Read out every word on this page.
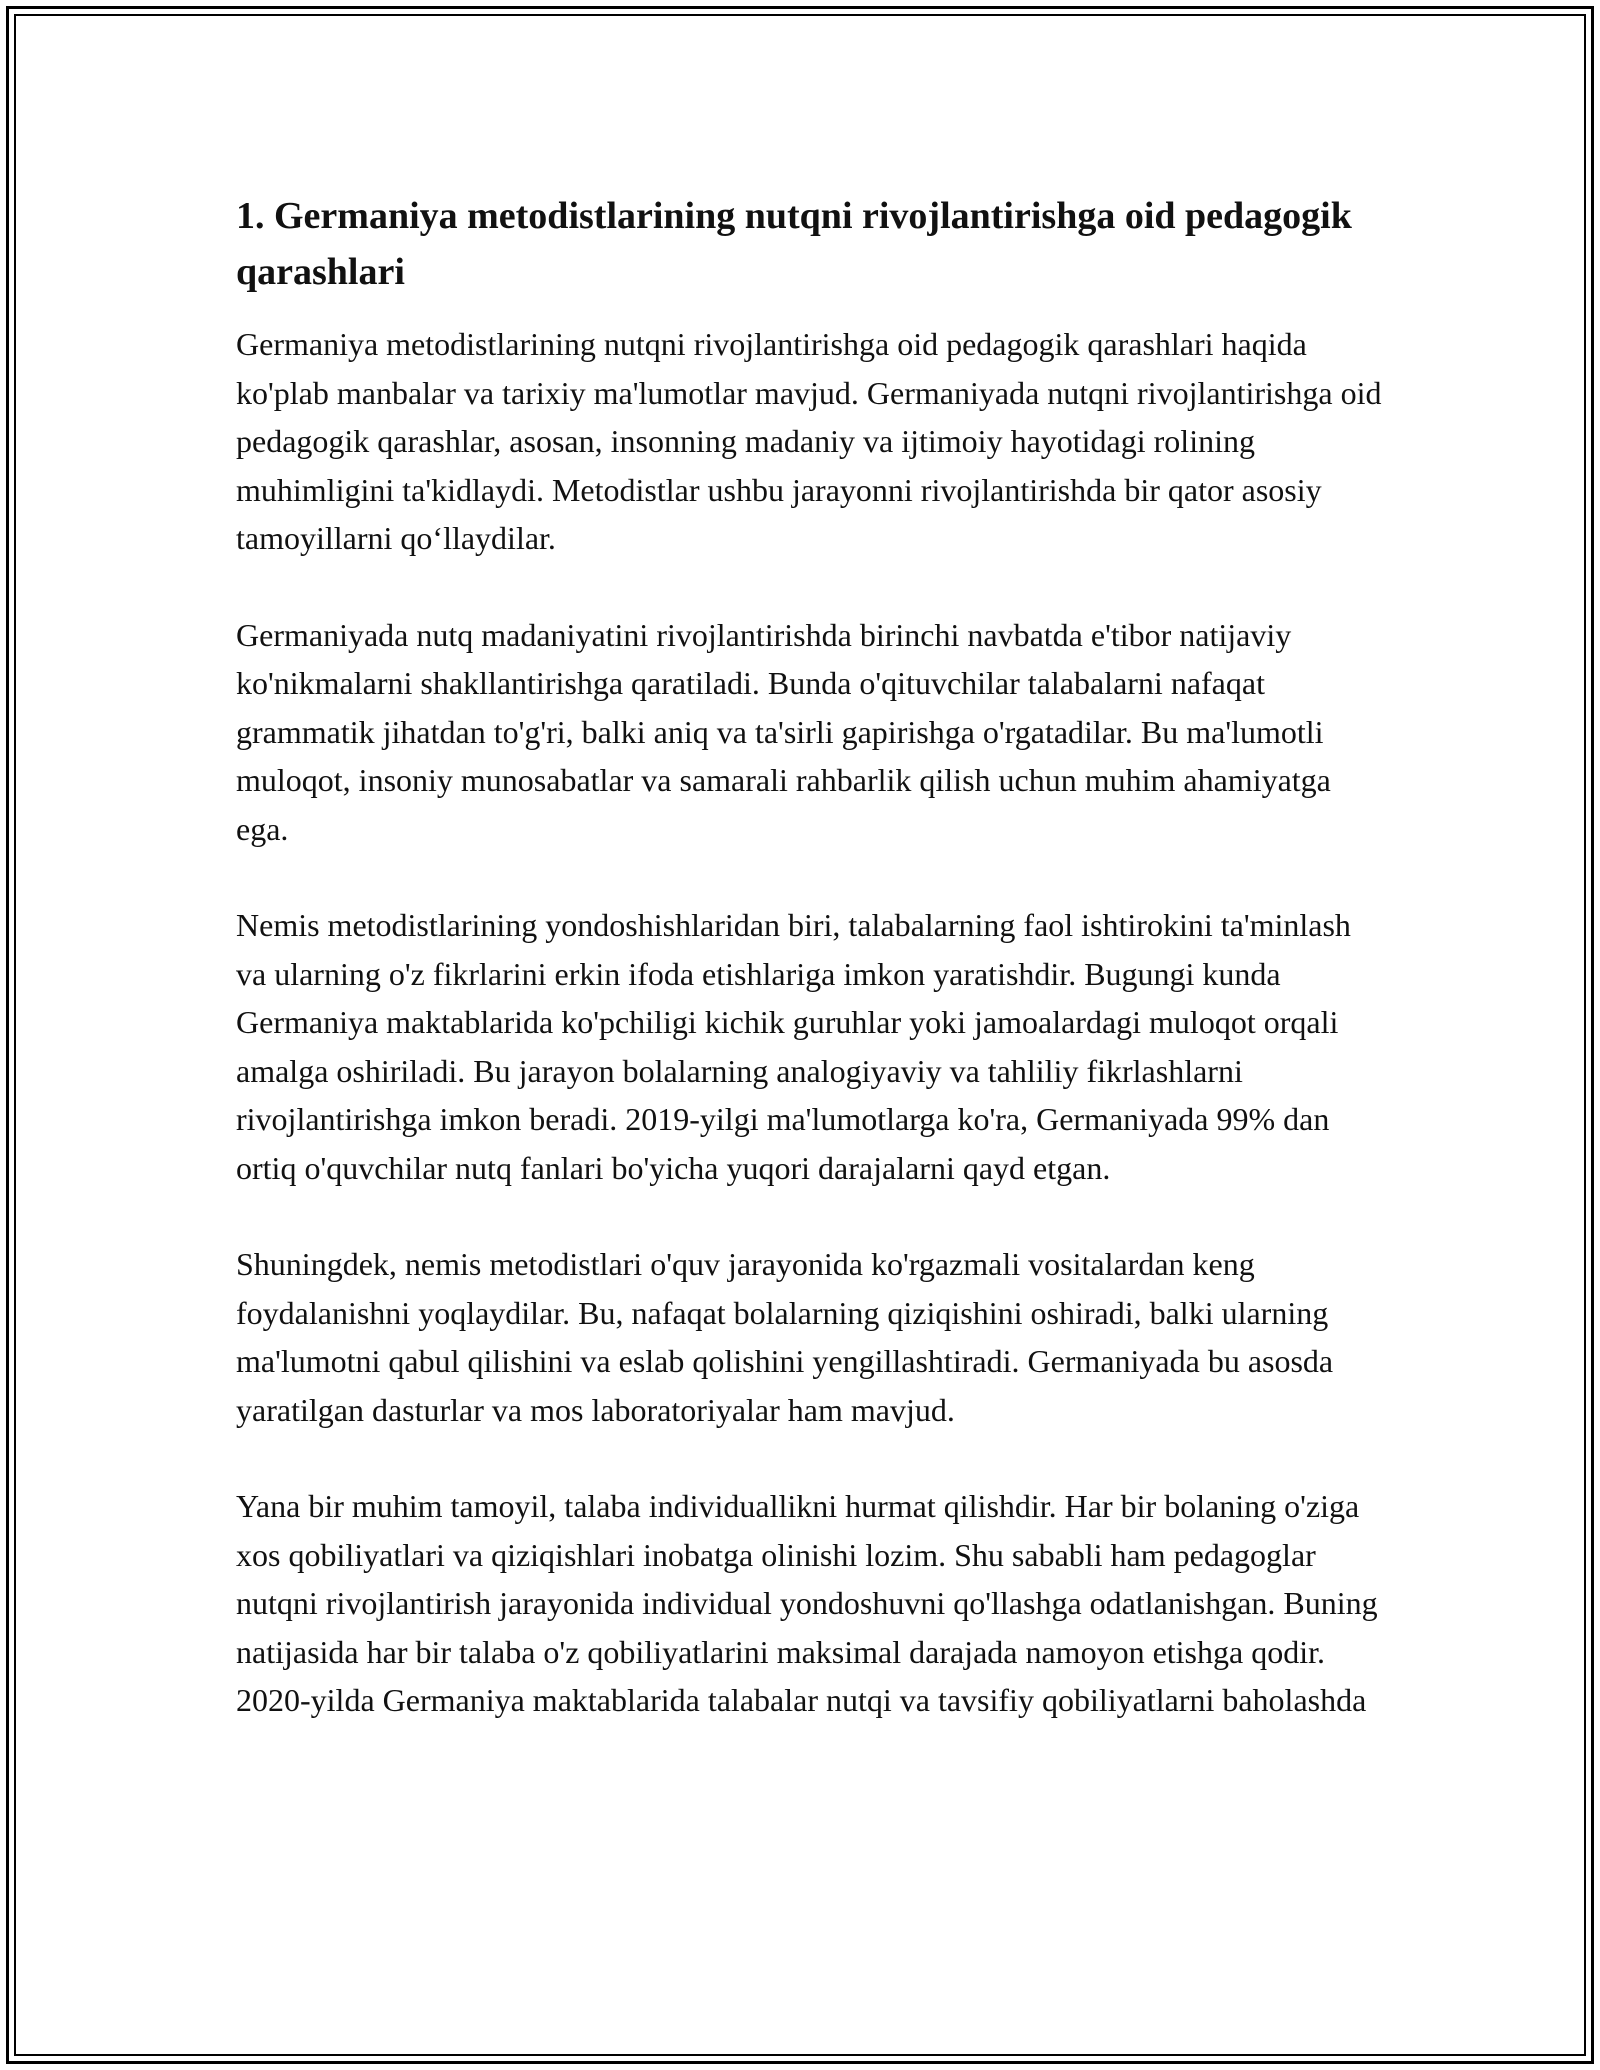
1. Germaniya metodistlarining nutqni rivojlantirishga oid pedagogik qarashlari

Germaniya metodistlarining nutqni rivojlantirishga oid pedagogik qarashlari haqida ko'plab manbalar va tarixiy ma'lumotlar mavjud. Germaniyada nutqni rivojlantirishga oid pedagogik qarashlar, asosan, insonning madaniy va ijtimoiy hayotidagi rolining muhimligini ta'kidlaydi. Metodistlar ushbu jarayonni rivojlantirishda bir qator asosiy tamoyillarni qo‘llaydilar.

Germaniyada nutq madaniyatini rivojlantirishda birinchi navbatda e'tibor natijaviy ko'nikmalarni shakllantirishga qaratiladi. Bunda o'qituvchilar talabalarni nafaqat grammatik jihatdan to'g'ri, balki aniq va ta'sirli gapirishga o'rgatadilar. Bu ma'lumotli muloqot, insoniy munosabatlar va samarali rahbarlik qilish uchun muhim ahamiyatga ega.

Nemis metodistlarining yondoshishlaridan biri, talabalarning faol ishtirokini ta'minlash va ularning o'z fikrlarini erkin ifoda etishlariga imkon yaratishdir. Bugungi kunda Germaniya maktablarida ko'pchiligi kichik guruhlar yoki jamoalardagi muloqot orqali amalga oshiriladi. Bu jarayon bolalarning analogiyaviy va tahliliy fikrlashlarni rivojlantirishga imkon beradi. 2019-yilgi ma'lumotlarga ko'ra, Germaniyada 99% dan ortiq o'quvchilar nutq fanlari bo'yicha yuqori darajalarni qayd etgan.

Shuningdek, nemis metodistlari o'quv jarayonida ko'rgazmali vositalardan keng foydalanishni yoqlaydilar. Bu, nafaqat bolalarning qiziqishini oshiradi, balki ularning ma'lumotni qabul qilishini va eslab qolishini yengillashtiradi. Germaniyada bu asosda yaratilgan dasturlar va mos laboratoriyalar ham mavjud.

Yana bir muhim tamoyil, talaba individuallikni hurmat qilishdir. Har bir bolaning o'ziga xos qobiliyatlari va qiziqishlari inobatga olinishi lozim. Shu sababli ham pedagoglar nutqni rivojlantirish jarayonida individual yondoshuvni qo'llashga odatlanishgan. Buning natijasida har bir talaba o'z qobiliyatlarini maksimal darajada namoyon etishga qodir. 2020-yilda Germaniya maktablarida talabalar nutqi va tavsifiy qobiliyatlarni baholashda
